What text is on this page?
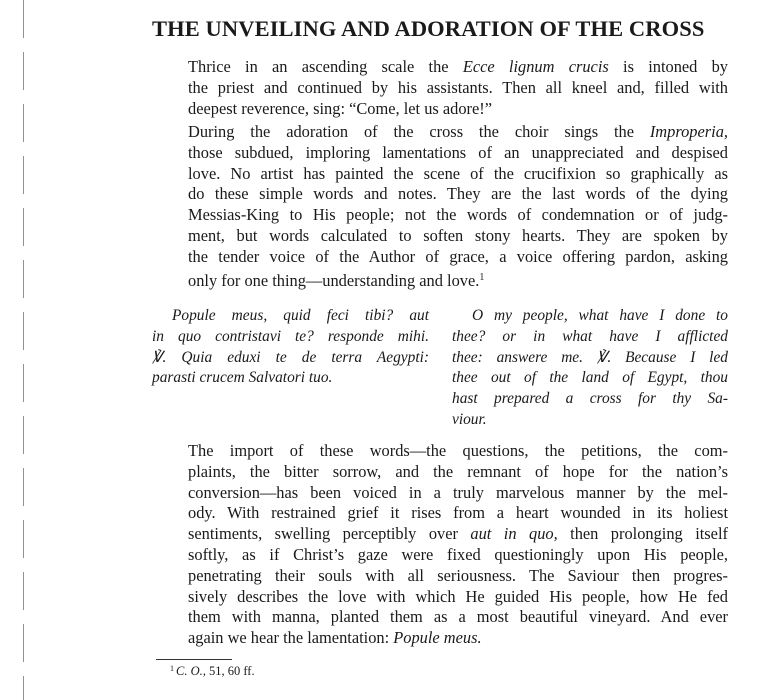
THE UNVEILING AND ADORATION OF THE CROSS
Thrice in an ascending scale the Ecce lignum crucis is intoned by
the priest and continued by his assistants. Then all kneel and, filled with
deepest reverence, sing: “Come, let us adore!”
During the adoration of the cross the choir sings the Improperia,
those subdued, imploring lamentations of an unappreciated and despised
love. No artist has painted the scene of the crucifixion so graphically as
do these simple words and notes. They are the last words of the dying
Messias-King to His people; not the words of condemnation or of judg-
ment, but words calculated to soften stony hearts. They are spoken by
the tender voice of the Author of grace, a voice offering pardon, asking
only for one thing—understanding and love.$^1$
Popule meus, quid feci tibi? aut
in quo contristavi te? responde mihi.
℣. Quia eduxi te de terra Aegypti:
parasti crucem Salvatori tuo.
O my people, what have I done to
thee? or in what have I afflicted
thee: answere me. ℣. Because I led
thee out of the land of Egypt, thou
hast prepared a cross for thy Sa-
viour.
The import of these words—the questions, the petitions, the com-
plaints, the bitter sorrow, and the remnant of hope for the nation’s
conversion—has been voiced in a truly marvelous manner by the mel-
ody. With restrained grief it rises from a heart wounded in its holiest
sentiments, swelling perceptibly over aut in quo, then prolonging itself
softly, as if Christ’s gaze were fixed questioningly upon His people,
penetrating their souls with all seriousness. The Saviour then progres-
sively describes the love with which He guided His people, how He fed
them with manna, planted them as a most beautiful vineyard. And ever
again we hear the lamentation: Popule meus.

$^1$ C. O., 51, 60 ff.
